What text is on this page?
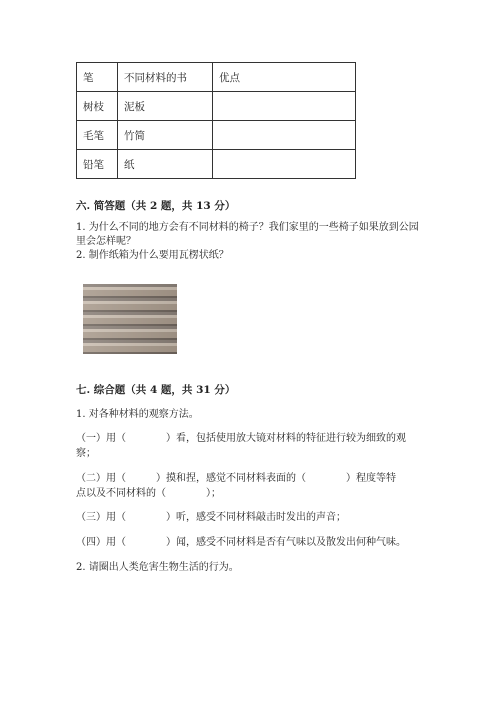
笔	不同材料的书	优点
树枝	泥板	
毛笔	竹简	
铅笔	纸	
六. 简答题（共 2 题，共 13 分）
1. 为什么不同的地方会有不同材料的椅子？我们家里的一些椅子如果放到公园
里会怎样呢？
2. 制作纸箱为什么要用瓦楞状纸？
七. 综合题（共 4 题，共 31 分）
1. 对各种材料的观察方法。
（一）用（　　　　）看，包括使用放大镜对材料的特征进行较为细致的观
察；
（二）用（　　　）摸和捏，感觉不同材料表面的（　　　　）程度等特
点以及不同材料的（　　　　）；
（三）用（　　　　）听，感受不同材料敲击时发出的声音；
（四）用（　　　　）闻，感受不同材料是否有气味以及散发出何种气味。
2. 请圈出人类危害生物生活的行为。
